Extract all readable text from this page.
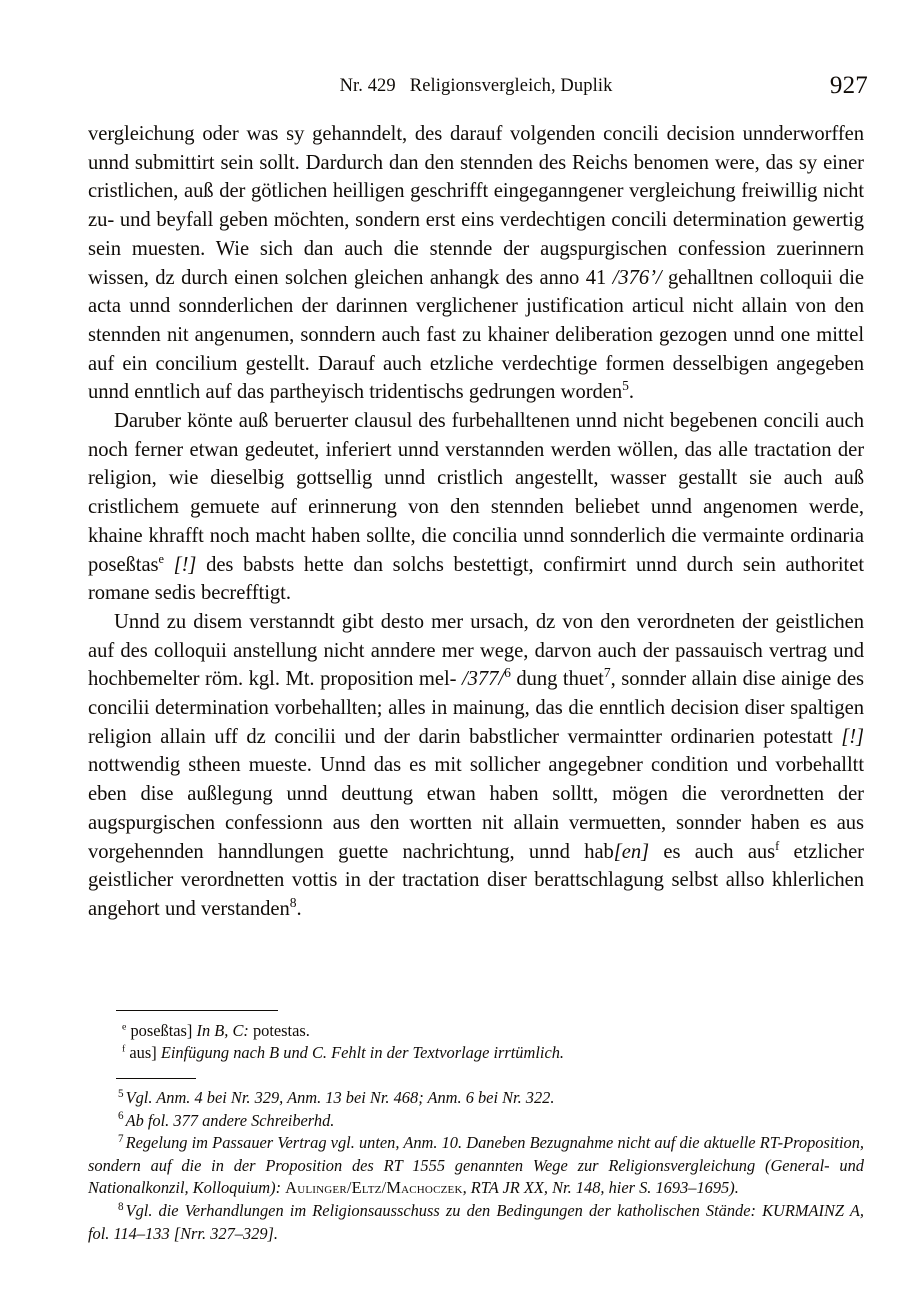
Nr. 429 Religionsvergleich, Duplik	927

vergleichung oder was sy gehanndelt, des darauf volgenden concili decision unnderworffen unnd submittirt sein sollt. Dardurch dan den stennden des Reichs benomen were, das sy einer cristlichen, auß der götlichen heilligen geschrifft eingeganngener vergleichung freiwillig nicht zu- und beyfall geben möchten, sondern erst eins verdechtigen concili determination gewertig sein muesten. Wie sich dan auch die stennde der augspurgischen confession zuerinnern wissen, dz durch einen solchen gleichen anhangk des anno 41 /376’/ gehalltnen colloquii die acta unnd sonnderlichen der darinnen verglichener justification articul nicht allain von den stennden nit angenumen, sonndern auch fast zu khainer deliberation gezogen unnd one mittel auf ein concilium gestellt. Darauf auch etzliche verdechtige formen desselbigen angegeben unnd enntlich auf das partheyisch tridentischs gedrungen worden$^5$.

Daruber könte auß beruerter clausul des furbehalltenen unnd nicht begebenen concili auch noch ferner etwan gedeutet, inferiert unnd verstannden werden wöllen, das alle tractation der religion, wie dieselbig gottsellig unnd cristlich angestellt, wasser gestallt sie auch auß cristlichem gemuete auf erinnerung von den stennden beliebet unnd angenomen werde, khaine khrafft noch macht haben sollte, die concilia unnd sonnderlich die vermainte ordinaria poseßtas$^e$ [!] des babsts hette dan solchs bestettigt, confirmirt unnd durch sein authoritet romane sedis becrefftigt.

Unnd zu disem verstanndt gibt desto mer ursach, dz von den verordneten der geistlichen auf des colloquii anstellung nicht anndere mer wege, darvon auch der passauisch vertrag und hochbemelter röm. kgl. Mt. proposition mel- /377/$^6$ dung thuet$^7$, sonnder allain dise ainige des concilii determination vorbehallten; alles in mainung, das die enntlich decision diser spaltigen religion allain uff dz concilii und der darin babstlicher vermaintter ordinarien potestatt [!] nottwendig stheen mueste. Unnd das es mit sollicher angegebner condition und vorbehalltt eben dise außlegung unnd deuttung etwan haben solltt, mögen die verordnetten der augspurgischen confessionn aus den wortten nit allain vermuetten, sonnder haben es aus vorgehennden hanndlungen guette nachrichtung, unnd hab[en] es auch aus$^f$ etzlicher geistlicher verordnetten vottis in der tractation diser berattschlagung selbst allso khlerlichen angehort und verstanden$^8$.

$^e$ poseßtas] In B, C: potestas.

$^f$ aus] Einfügung nach B und C. Fehlt in der Textvorlage irrtümlich.

$^5$ Vgl. Anm. 4 bei Nr. 329, Anm. 13 bei Nr. 468; Anm. 6 bei Nr. 322.

$^6$ Ab fol. 377 andere Schreiberhd.

$^7$ Regelung im Passauer Vertrag vgl. unten, Anm. 10. Daneben Bezugnahme nicht auf die aktuelle RT-Proposition, sondern auf die in der Proposition des RT 1555 genannten Wege zur Religionsvergleichung (General- und Nationalkonzil, Kolloquium): Aulinger/Eltz/Machoczek, RTA JR XX, Nr. 148, hier S. 1693–1695).

$^8$ Vgl. die Verhandlungen im Religionsausschuss zu den Bedingungen der katholischen Stände: KURMAINZ A, fol. 114–133 [Nrr. 327–329].
